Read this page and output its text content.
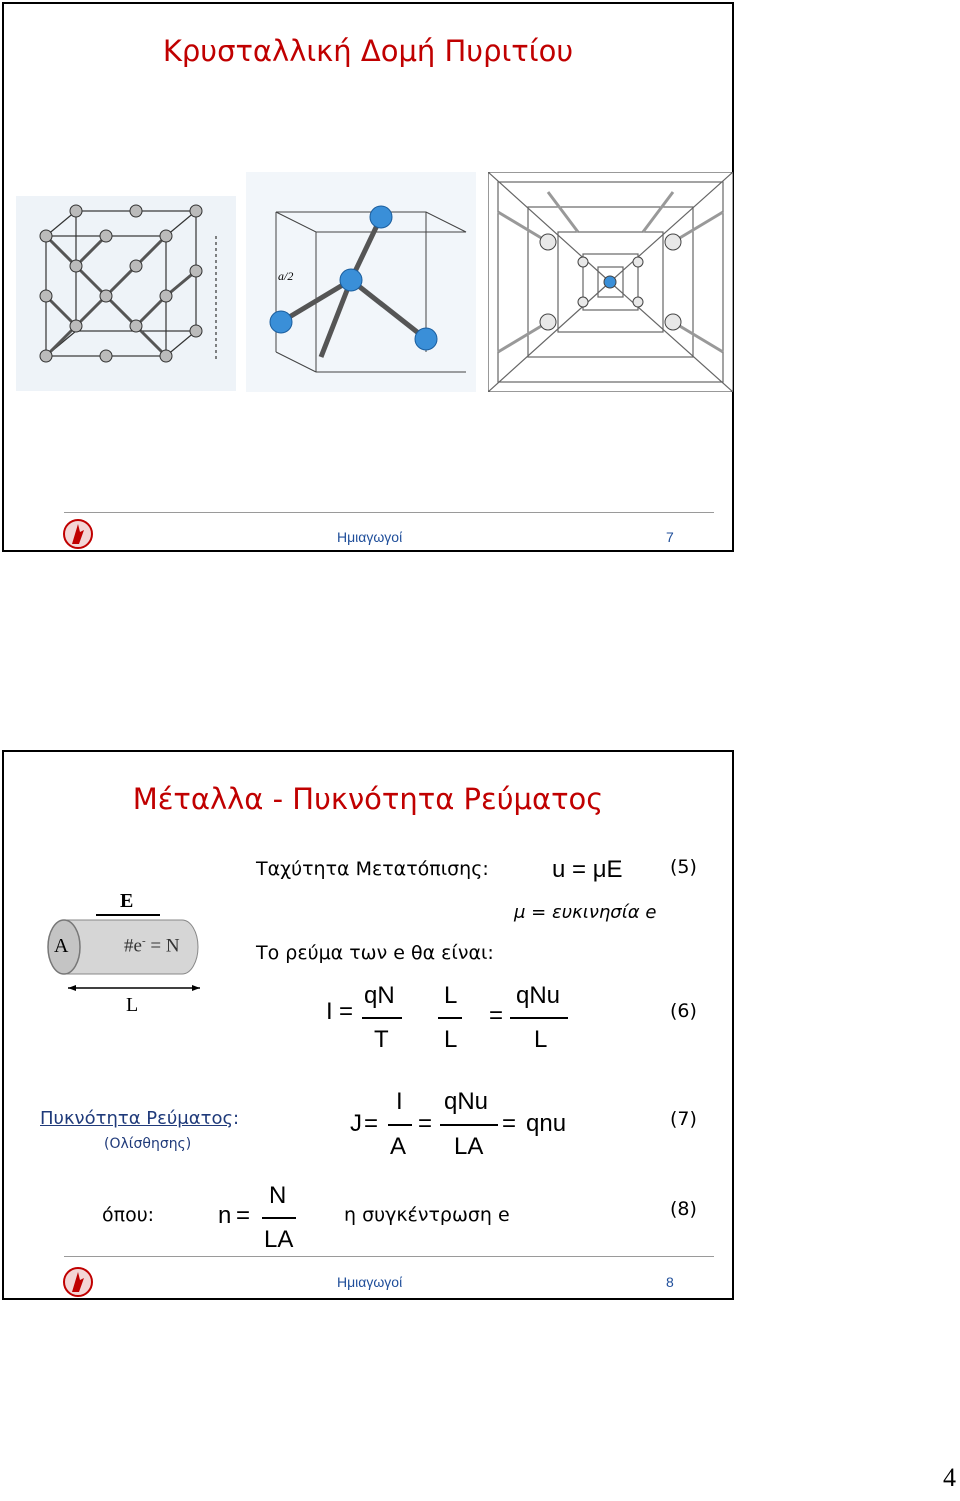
Κρυσταλλική Δομή Πυριτίου
a/2
Ημιαγωγοί	7
Μέταλλα - Πυκνότητα Ρεύματος
E
A	#e- = N
L
Ταχύτητα Μετατόπισης:	u = μE (5)
μ = ευκινησία e
Το ρεύμα των e θα είναι:
I =
qN
T
L
L
=
qNu
L
(6)
Πυκνότητα Ρεύματος:
(Ολίσθησης)
J =
I
A
=
qNu
LA
= qnu	(7)
όπου:	n =
N
LA
η συγκέντρωση e	(8)
Ημιαγωγοί	8
4
